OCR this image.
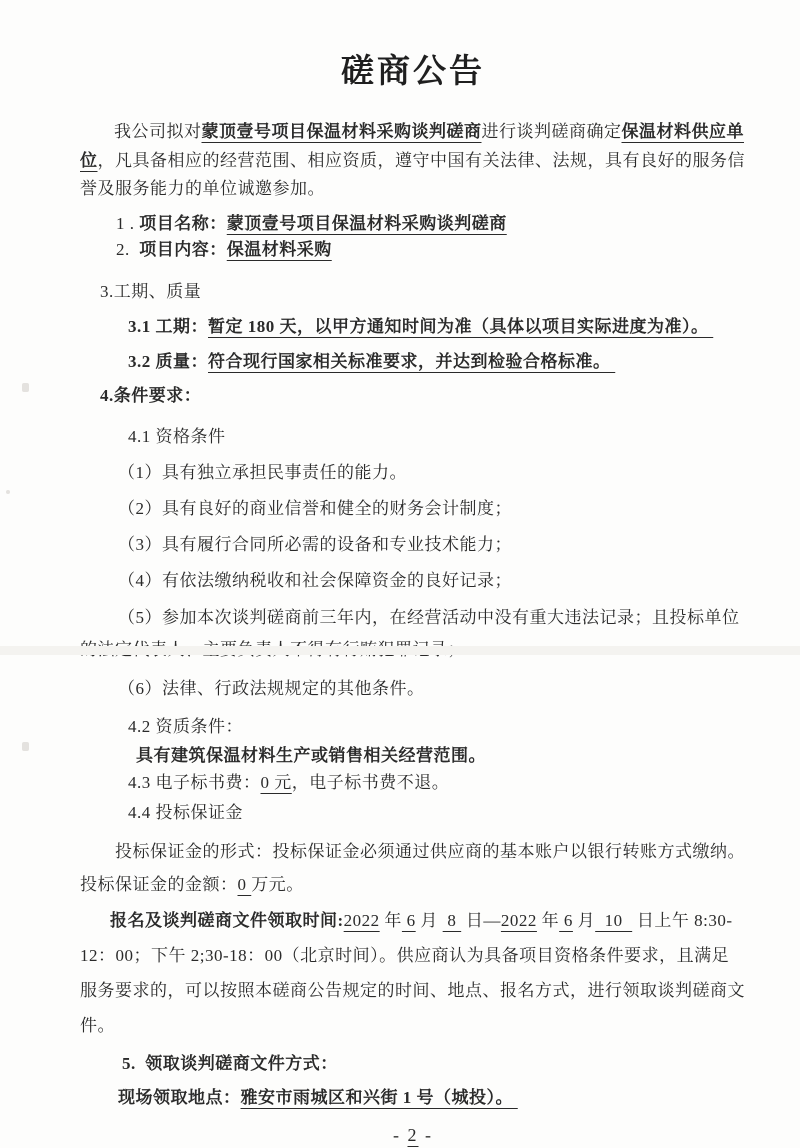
磋商公告
我公司拟对蒙顶壹号项目保温材料采购谈判磋商进行谈判磋商确定保温材料供应单位，凡具备相应的经营范围、相应资质，遵守中国有关法律、法规，具有良好的服务信誉及服务能力的单位诚邀参加。
1 . 项目名称：蒙顶壹号项目保温材料采购谈判磋商
2.  项目内容：保温材料采购
3.工期、质量
3.1 工期：暂定 180 天，以甲方通知时间为准（具体以项目实际进度为准）。
3.2 质量：符合现行国家相关标准要求，并达到检验合格标准。
4.条件要求：
4.1 资格条件
（1）具有独立承担民事责任的能力。
（2）具有良好的商业信誉和健全的财务会计制度；
（3）具有履行合同所必需的设备和专业技术能力；
（4）有依法缴纳税收和社会保障资金的良好记录；
（5）参加本次谈判磋商前三年内，在经营活动中没有重大违法记录；且投标单位
（6）法律、行政法规规定的其他条件。
4.2 资质条件：
具有建筑保温材料生产或销售相关经营范围。
4.3 电子标书费：0 元，电子标书费不退。
4.4 投标保证金
投标保证金的形式：投标保证金必须通过供应商的基本账户以银行转账方式缴纳。投标保证金的金额：0 万元。
报名及谈判磋商文件领取时间:2022 年 6 月  8  日—2022 年 6 月  10   日上午 8:30-12：00；下午 2;30-18：00（北京时间）。供应商认为具备项目资格条件要求，且满足服务要求的，可以按照本磋商公告规定的时间、地点、报名方式，进行领取谈判磋商文件。
5.  领取谈判磋商文件方式：
现场领取地点：雅安市雨城区和兴街 1 号（城投）。
- 2 -
